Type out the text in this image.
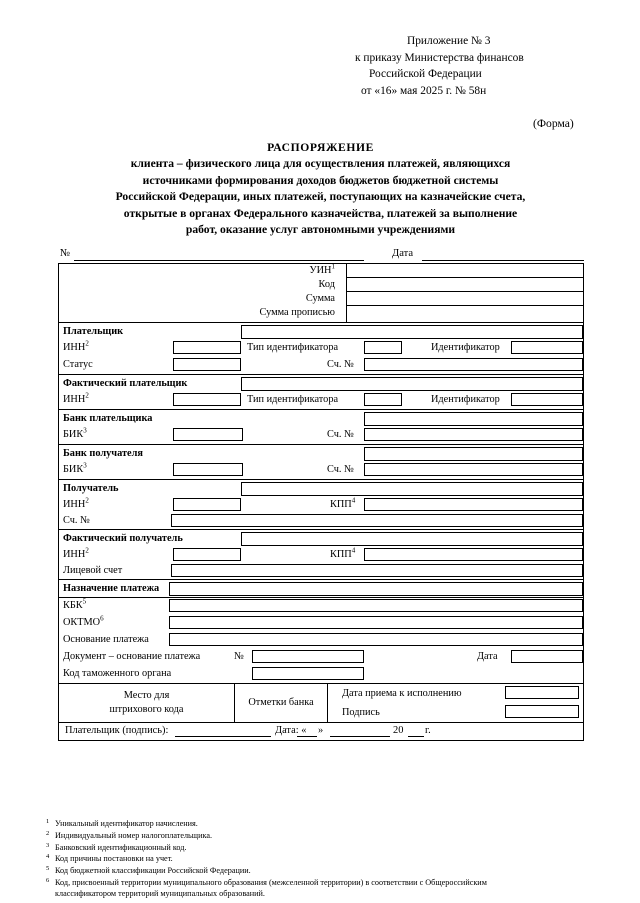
Приложение № 3
к приказу Министерства финансов
Российской Федерации
от «16» мая 2025 г. № 58н
(Форма)
РАСПОРЯЖЕНИЕ
клиента – физического лица для осуществления платежей, являющихся
источниками формирования доходов бюджетов бюджетной системы
Российской Федерации, иных платежей, поступающих на казначейские счета,
открытые в органах Федерального казначейства, платежей за выполнение
работ, оказание услуг автономными учреждениями
№	Дата
УИН$^1$
Код
Сумма
Сумма прописью
Плательщик
ИНН$^2$	Тип идентификатора	Идентификатор
Статус	Сч. №
Фактический плательщик
ИНН$^2$	Тип идентификатора	Идентификатор
Банк плательщика
БИК$^3$	Сч. №
Банк получателя
БИК$^3$	Сч. №
Получатель
ИНН$^2$	КПП$^4$
Сч. №
Фактический получатель
ИНН$^2$	КПП$^4$
Лицевой счет
Назначение платежа
КБК$^5$
ОКТМО$^6$
Основание платежа
Документ – основание платежа	№	Дата
Код таможенного органа
Место для
штрихового кода
Отметки банка
Дата приема к исполнению
Подпись
Плательщик (подпись):	Дата: « »	20 г.
1 Уникальный идентификатор начисления.
2 Индивидуальный номер налогоплательщика.
3 Банковский идентификационный код.
4 Код причины постановки на учет.
5 Код бюджетной классификации Российской Федерации.
6 Код, присвоенный территории муниципального образования (межселенной территории) в соответствии с Общероссийским
классификатором территорий муниципальных образований.
